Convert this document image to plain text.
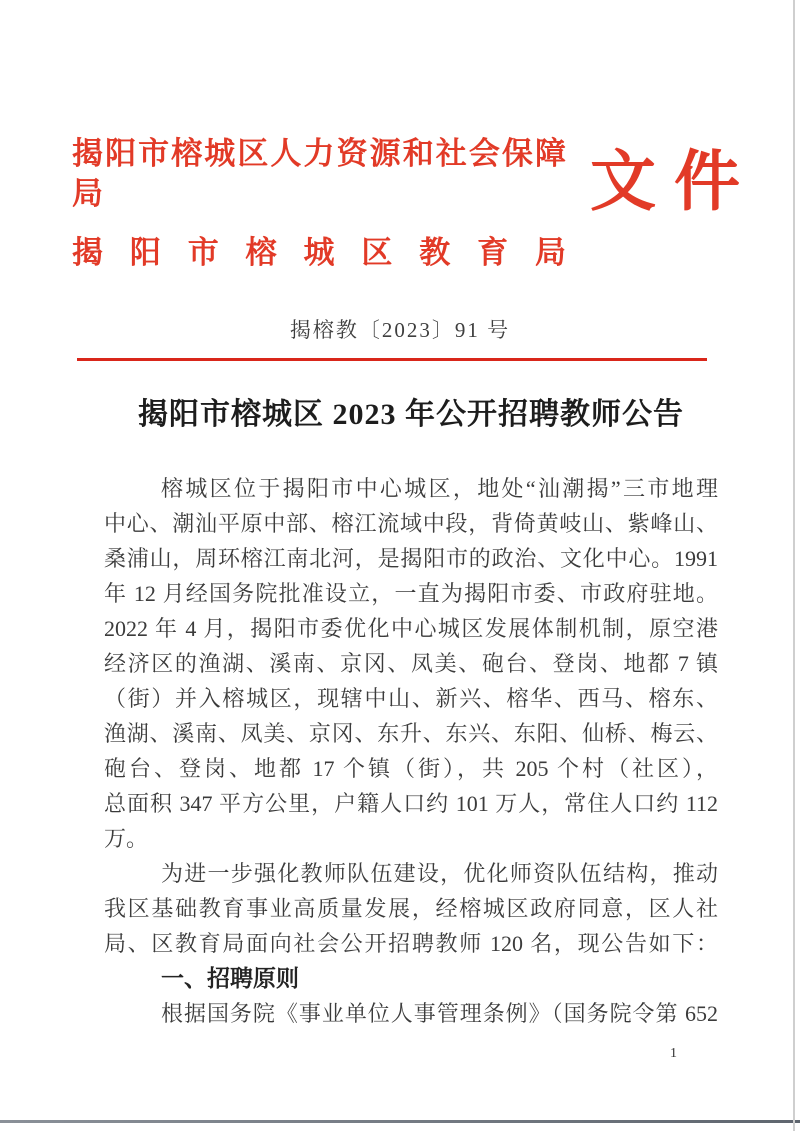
揭阳市榕城区人力资源和社会保障局
揭阳市榕城区教育局
文件
揭榕教〔2023〕91 号
揭阳市榕城区 2023 年公开招聘教师公告
榕城区位于揭阳市中心城区，地处“汕潮揭”三市地理
中心、潮汕平原中部、榕江流域中段，背倚黄岐山、紫峰山、
桑浦山，周环榕江南北河，是揭阳市的政治、文化中心。1991
年 12 月经国务院批准设立，一直为揭阳市委、市政府驻地。
2022 年 4 月，揭阳市委优化中心城区发展体制机制，原空港
经济区的渔湖、溪南、京冈、凤美、砲台、登岗、地都 7 镇
（街）并入榕城区，现辖中山、新兴、榕华、西马、榕东、
渔湖、溪南、凤美、京冈、东升、东兴、东阳、仙桥、梅云、
砲台、登岗、地都 17 个镇（街），共 205 个村（社区），
总面积 347 平方公里，户籍人口约 101 万人，常住人口约 112
万。
为进一步强化教师队伍建设，优化师资队伍结构，推动
我区基础教育事业高质量发展，经榕城区政府同意，区人社
局、区教育局面向社会公开招聘教师 120 名，现公告如下：
一、招聘原则
根据国务院《事业单位人事管理条例》（国务院令第 652
1
